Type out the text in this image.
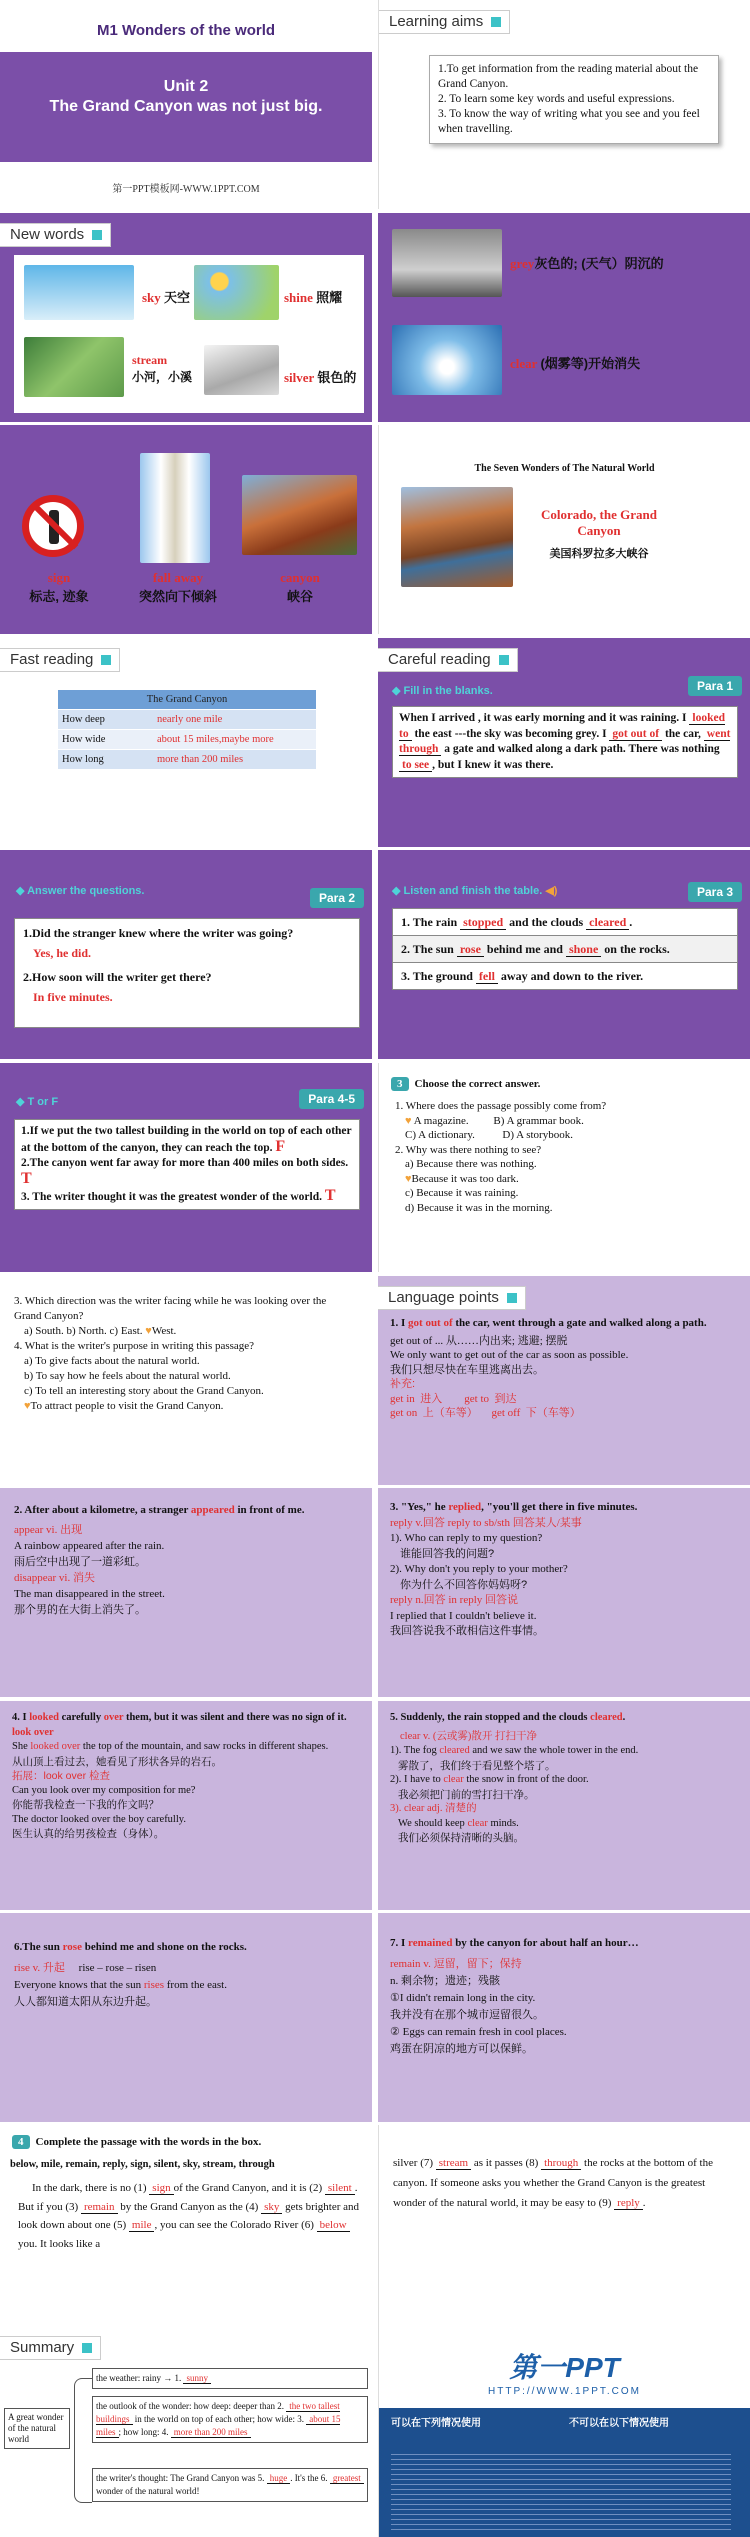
M1 Wonders of the world
Unit 2
The Grand Canyon was not just big.
第一PPT模板网-WWW.1PPT.COM
Learning aims
1.To get information from the reading material about the Grand Canyon.
2. To learn some key words and useful expressions.
3. To know the way of writing what you see and you feel when travelling.
New words
sky 天空	shine 照耀
stream
小河，小溪	silver 银色的
grey灰色的; (天气）阴沉的
clear (烟雾等)开始消失
sign
标志, 迹象
fall away
突然向下倾斜
canyon
峡谷
The Seven Wonders of The Natural World
Colorado, the Grand Canyon
美国科罗拉多大峡谷
Fast reading
The Grand Canyon	
How deep	nearly one mile
How wide	about 15 miles,maybe more
How long	more than 200 miles
Careful reading
Para 1
◆ Fill in the blanks.
When I arrived , it was early morning and it was raining. I looked to the east ---the sky was becoming grey. I got out of the car, went through a gate and walked along a dark path. There was nothing to see , but I knew it was there.
◆ Answer the questions.	Para 2
1.Did the stranger knew where the writer was going?
Yes, he did.
2.How soon will the writer get there?
In five minutes.
◆ Listen and finish the table. ◀)	Para 3
1. The rain stopped and the clouds cleared .
2. The sun rose behind me and shone on the rocks.
3. The ground fell away and down to the river.
◆ T or F	Para 4-5
1.If we put the two tallest building in the world on top of each other at the bottom of the canyon, they can reach the top. F
2.The canyon went far away for more than 400 miles on both sides. T
3. The writer thought it was the greatest wonder of the world. T
3 Choose the correct answer.
1. Where does the passage possibly come from?
♥ A magazine. B) A grammar book.
C) A dictionary.	D) A storybook.
2. Why was there nothing to see?
a) Because there was nothing.
♥Because it was too dark.
c) Because it was raining.
d) Because it was in the morning.
3. Which direction was the writer facing while he was looking over the Grand Canyon?
a) South. b) North. c) East. ♥West.
4. What is the writer's purpose in writing this passage?
a) To give facts about the natural world.
b) To say how he feels about the natural world.
c) To tell an interesting story about the Grand Canyon.
♥To attract people to visit the Grand Canyon.
Language points
1. I got out of the car, went through a gate and walked along a path.
get out of ... 从……内出来; 逃避; 摆脱
We only want to get out of the car as soon as possible.
我们只想尽快在车里逃离出去。
补充:
get in 进入 get to 到达
get on 上（车等） get off 下（车等）
2. After about a kilometre, a stranger appeared in front of me.
appear vi. 出现
A rainbow appeared after the rain.
雨后空中出现了一道彩虹。
disappear vi. 消失
The man disappeared in the street.
那个男的在大街上消失了。
3. "Yes," he replied, "you'll get there in five minutes.
reply v.回答 reply to sb/sth 回答某人/某事
1). Who can reply to my question?
谁能回答我的问题?
2). Why don't you reply to your mother?
你为什么不回答你妈妈呀?
reply n.回答 in reply 回答说
I replied that I couldn't believe it.
我回答说我不敢相信这件事情。
4. I looked carefully over them, but it was silent and there was no sign of it. look over
She looked over the top of the mountain, and saw rocks in different shapes.
从山顶上看过去，她看见了形状各异的岩石。
拓展：look over 检查
Can you look over my composition for me?
你能帮我检查一下我的作文吗？
The doctor looked over the boy carefully.
医生认真的给男孩检查（身体）。
5. Suddenly, the rain stopped and the clouds cleared.
clear v. (云或雾)散开 打扫干净
1). The fog cleared and we saw the whole tower in the end.
雾散了，我们终于看见整个塔了。
2). I have to clear the snow in front of the door.
我必须把门前的雪打扫干净。
3). clear adj. 清楚的
We should keep clear minds.
我们必须保持清晰的头脑。
6.The sun rose behind me and shone on the rocks.
rise v. 升起 rise – rose – risen
Everyone knows that the sun rises from the east.
人人都知道太阳从东边升起。
7. I remained by the canyon for about half an hour…
remain v. 逗留，留下；保持
n. 剩余物；遗迹；残骸
①I didn't remain long in the city.
我并没有在那个城市逗留很久。
② Eggs can remain fresh in cool places.
鸡蛋在阴凉的地方可以保鲜。
4 Complete the passage with the words in the box.
below, mile, remain, reply, sign, silent, sky, stream, through
In the dark, there is no (1) sign of the Grand Canyon, and it is (2) silent . But if you (3) remain by the Grand Canyon as the (4) sky gets brighter and look down about one (5) mile , you can see the Colorado River (6) below you. It looks like a
silver (7) stream as it passes (8) through the rocks at the bottom of the canyon. If someone asks you whether the Grand Canyon is the greatest wonder of the natural world, it may be easy to (9) reply .
Summary
A great wonder of the natural world
the weather: rainy → 1. sunny
the outlook of the wonder: how deep: deeper than 2. the two tallest buildings in the world on top of each other; how wide: 3. about 15 miles ; how long: 4. more than 200 miles
the writer's thought: The Grand Canyon was 5. huge . It's the 6. greatest wonder of the natural world!
第一PPT
HTTP://WWW.1PPT.COM
可以在下列情况使用	不可以在以下情况使用
